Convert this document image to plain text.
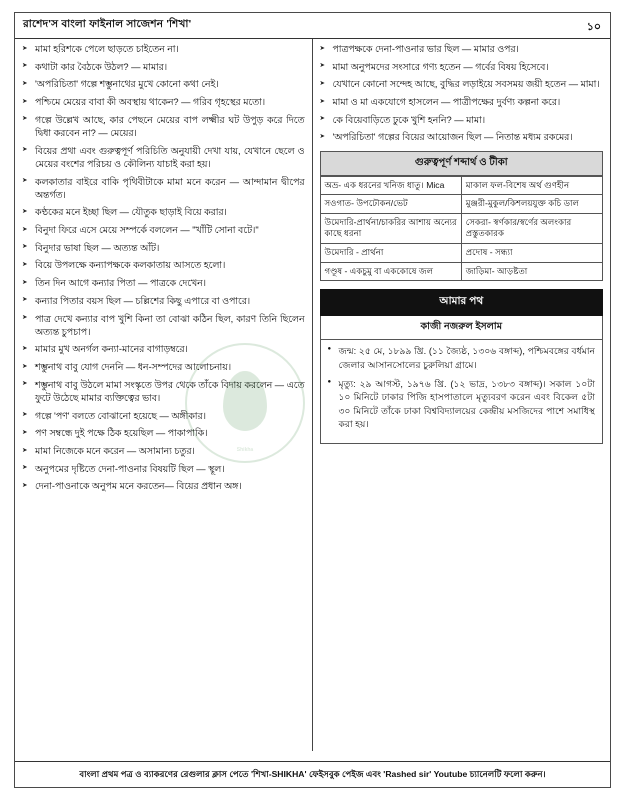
রাশেদ'স বাংলা ফাইনাল সাজেশন 'শিখা'	১০
➤ মামা হরিশকে পেলে ছাড়তে চাইতেন না।
➤ কথাটা কার বৈঠকে উঠল? — মামার।
➤ 'অপরিচিতা' গল্পে শম্ভুনাথের মুখে কোনো কথা নেই।
➤ পশ্চিমে মেয়ের বাবা কী অবস্থায় থাকেন? — গরিব গৃহস্থের মতো।
➤ গল্পে উল্লেখ আছে, কার পেছনে মেয়ের বাপ লক্ষ্মীর ঘট উপুড় করে দিতে দ্বিধা করবেন না? — মেয়ের।
➤ বিয়ের প্রথা এবং গুরুত্বপূর্ণ পরিচিতি অনুযায়ী দেখা যায়, যেখানে ছেলে ও মেয়ের বংশের পরিচয় ও কৌলিন্য যাচাই করা হয়।
➤ কলকাতার বাইরে বাকি পৃথিবীটাকে মামা মনে করেন — আন্দামান দ্বীপের অন্তর্গত।
➤ কণ্ঠকের মনে ইচ্ছা ছিল — যৌতুক ছাড়াই বিয়ে করার।
➤ বিনুদা ফিরে এসে মেয়ে সম্পর্কে বললেন — "খাঁটি সোনা বটে।"
➤ বিনুদার ভাষা ছিল — অত্যন্ত আঁট।
➤ বিয়ে উপলক্ষে কন্যাপক্ষকে কলকাতায় আসতে হলো।
➤ তিন দিন আগে কন্যার পিতা — পাত্রকে দেখেন।
➤ কন্যার পিতার বয়স ছিল — চল্লিশের কিছু এপারে বা ওপারে।
➤ পাত্র দেখে কন্যার বাপ খুশি কিনা তা বোঝা কঠিন ছিল, কারণ তিনি ছিলেন অত্যন্ত চুপচাপ।
➤ মামার মুখ অনর্গল কন্যা-মানের বাগাড়ম্বরে।
➤ শম্ভুনাথ বাবু যোগ দেননি — ধন-সম্পদের আলোচনায়।
➤ শম্ভুনাথ বাবু উঠলে মামা সংস্কৃতে উপর থেকে তাঁকে বিদায় করলেন — এতে ফুটে উঠেছে মামার ব্যক্তিত্বের ভাব।
➤ গল্পে 'পণ' বলতে বোঝানো হয়েছে — অঙ্গীকার।
➤ পণ সম্বন্ধে দুই পক্ষে ঠিক হয়েছিল — পাকাপাকি।
➤ মামা নিজেকে মনে করেন — অসামান্য চতুর।
➤ অনুপমের দৃষ্টিতে দেনা-পাওনার বিষয়টি ছিল — স্থূল।
➤ দেনা-পাওনাকে অনুপম মনে করতেন— বিয়ের প্রধান অঙ্গ।
➤ পাত্রপক্ষকে দেনা-পাওনার ভার ছিল — মামার ওপর।
➤ মামা অনুপমদের সংসারে গণ্য হতেন — গর্বের বিষয় হিসেবে।
➤ যেখানে কোনো সন্দেহ আছে, বুদ্ধির লড়াইয়ে সবসময় জয়ী হতেন — মামা।
➤ মামা ও মা একযোগে হাসলেন — পাত্রীপক্ষের দুর্বণ্য কল্পনা করে।
➤ কে বিয়েবাড়িতে ঢুকে খুশি হননি? — মামা।
➤ 'অপরিচিতা' গল্পের বিয়ের আয়োজন ছিল — নিতান্ত মধ্যম রকমের।
গুরুত্বপূর্ণ শব্দার্থ ও টীকা
অভ্র- এক ধরনের খনিজ ধাতু। Mica	মাকাল ফল-বিশেষ অর্থ গুণহীন
সওগাত- উপঢৌকন/ভেট	মুঞ্জরী-মুকুল/কিশলয়যুক্ত কচি ডাল
উমেদারি-প্রার্থনা/চাকরির আশায় অন্যের কাছে ধরনা	সেকরা- স্বর্ণকার/স্বর্ণের অলংকার প্রস্তুতকারক
উমেদারি - প্রার্থনা	প্রদোষ - সন্ধ্যা
গণ্ডূষ - একচুমু বা এককোষে জল	জাড়িমা- আড়ষ্টতা
আমার পথ
কাজী নজরুল ইসলাম
● জন্ম: ২৫ মে, ১৮৯৯ খ্রি. (১১ জ্যৈষ্ঠ, ১৩০৬ বঙ্গাব্দ), পশ্চিমবঙ্গের বর্ধমান জেলার আসানসোলের চুরুলিয়া গ্রামে।
● মৃত্যু: ২৯ আগস্ট, ১৯৭৬ খ্রি. (১২ ভাদ্র, ১৩৮৩ বঙ্গাব্দ)। সকাল ১০টা ১০ মিনিটে ঢাকার পিজি হাসপাতালে মৃত্যুবরণ করেন এবং বিকেল ৫টা ৩০ মিনিটে তাঁকে ঢাকা বিশ্ববিদ্যালয়ের কেন্দ্রীয় মসজিদের পাশে সমাধিস্থ করা হয়।
বাংলা প্রথম পত্র ও ব্যাকরণের রেগুলার ক্লাস পেতে 'শিখা-SHIKHA' ফেইসবুক পেইজ এবং 'Rashed sir' Youtube চ্যানেলটি ফলো করুন।
Shikha
